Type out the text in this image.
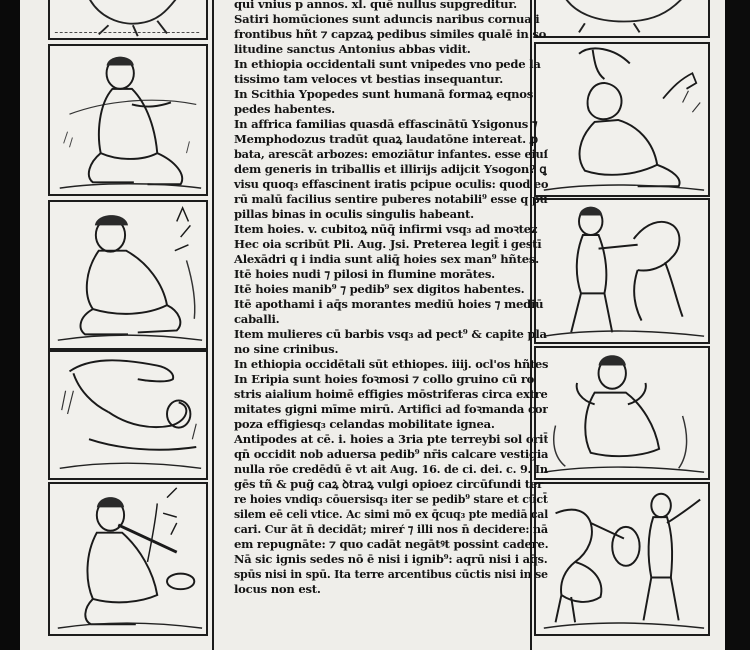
qui vnius p annos. xl. quē nullus supgreditur.
Satiri homūciones sunt aduncis naribus cornua i
frontibus hñt ⁊ capzaꝝ pedibus similes qualē in so
litudine sanctus Antonius abbas vidit.
In ethiopia occidentali sunt vnipedes vno pede la
tissimo tam veloces vt bestias insequantur.
In Scithia Ypopedes sunt humanā formaꝝ eqnos
pedes habentes.
In affrica familias quasdā effascinātū Ysigonus ⁊
Memphodozus tradūt quaꝝ laudatōne intereat. ꝓ
bata, arescāt arbozes: emoziātur infantes. esse eiuſ
dem generis in triballis et illirijs adijcit Ysogon? ꝗ
visu quoq₃ effascinent iratis pcipue oculis: quod eo
rū malū facilius sentire puberes notabili⁹ esse q pu
pillas binas in oculis singulis habeant.
Item hoies. v. cubitoꝝ nūq̄ infirmi vsq₃ ad moꝛtez
Hec oia scribūt Pli. Aug. Jsi. Preterea legit̄ i gestī
Alexādri q i india sunt aliq̄ hoies sex man⁹ hñtes.
Itē hoies nudi ⁊ pilosi in flumine morātes.
Itē hoies manib⁹ ⁊ pedib⁹ sex digitos habentes.
Itē apothami i aq̄s morantes mediū hoies ⁊ mediū
caballi.
Item mulieres cū barbis vsq₃ ad pect⁹ & capite pla
no sine crinibus.
In ethiopia occidētali sūt ethiopes. iiij. ocl'os hñtes
In Eripia sunt hoies foꝛmosi ⁊ collo gruino cū ro
stris aialium hoimē effigies mōstriferas circa extre
mitates gigni mīme mirū. Artifici ad foꝛmanda cor
poza effigiesq₃ celandas mobilitate ignea.
Antipodes at cē. i. hoies a 3ria pte terreybi sol orit̄
qn̄ occidit nob aduersa pedib⁹ nr̄is calcare vestigia
nulla rōe credēdū ē vt ait Aug. 16. de ci. dei. c. 9. In
gēs tñ & pug̃ caꝝ ꝺtraꝝ vulgi opioez circūfundi ter
re hoies vndiq₃ cōuersisq₃ iter se pedib⁹ stare et cūct̄
silem eē celi vtice. Ac simi mō ex q̄cuq₃ pte mediā cal
cari. Cur āt n̄ decidāt; mireŕ ⁊ illi nos n̄ decidere: nā
em repugnāte: ⁊ quo cadāt negātꝰt possint cadere.
Nā sic ignis sedes nō ē nisi i ignib⁹: aqrū nisi i aq̄s.
spūs nisi in spū. Ita terre arcentibus cūctis nisi in se
locus non est.
